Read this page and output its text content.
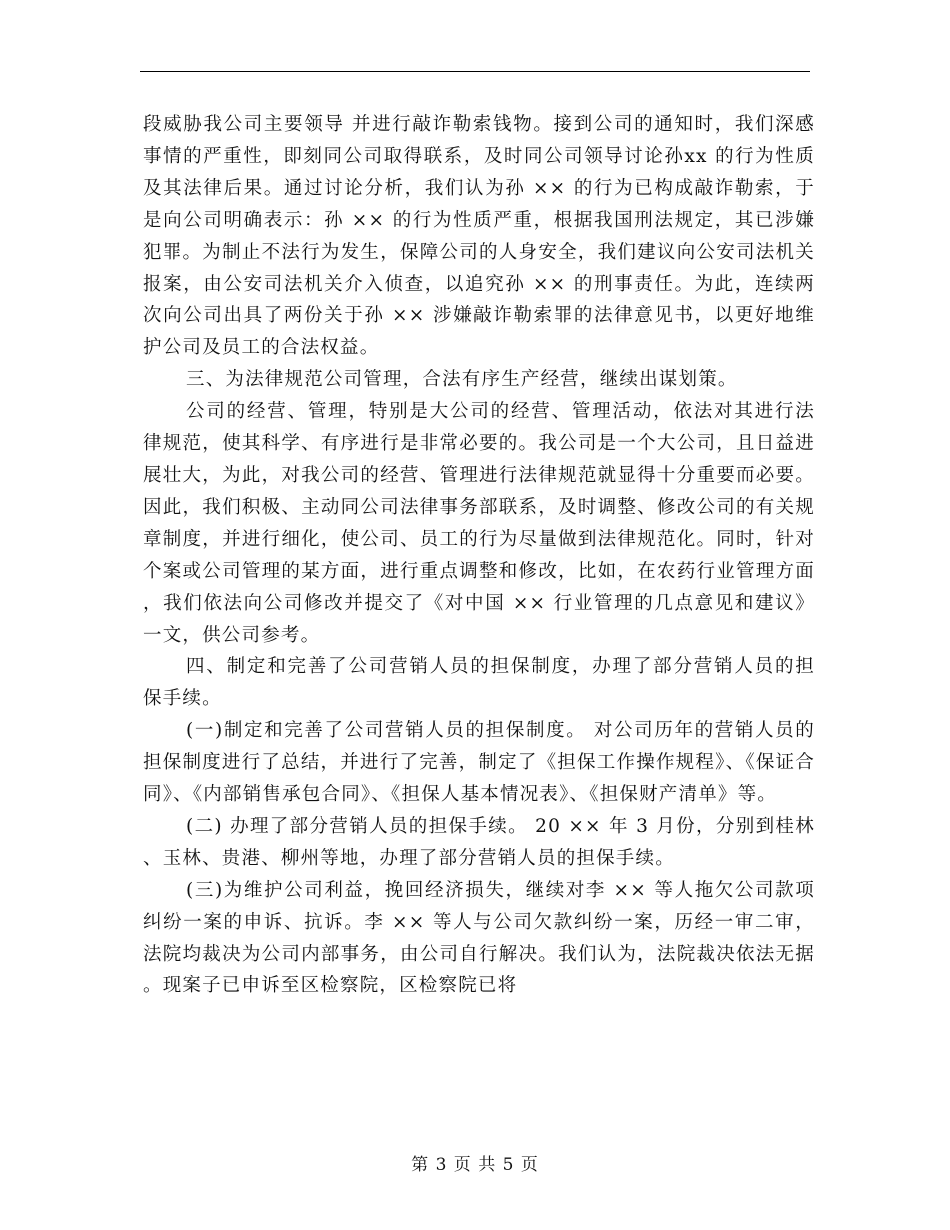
段威胁我公司主要领导 并进行敲诈勒索钱物。接到公司的通知时，我们深感事情的严重性，即刻同公司取得联系，及时同公司领导讨论孙xx 的行为性质及其法律后果。通过讨论分析，我们认为孙 ×× 的行为已构成敲诈勒索，于是向公司明确表示：孙 ×× 的行为性质严重，根据我国刑法规定，其已涉嫌犯罪。为制止不法行为发生，保障公司的人身安全，我们建议向公安司法机关报案，由公安司法机关介入侦查，以追究孙 ×× 的刑事责任。为此，连续两次向公司出具了两份关于孙 ×× 涉嫌敲诈勒索罪的法律意见书，以更好地维护公司及员工的合法权益。

三、为法律规范公司管理，合法有序生产经营，继续出谋划策。

公司的经营、管理，特别是大公司的经营、管理活动，依法对其进行法律规范，使其科学、有序进行是非常必要的。我公司是一个大公司，且日益进展壮大，为此，对我公司的经营、管理进行法律规范就显得十分重要而必要。因此，我们积极、主动同公司法律事务部联系，及时调整、修改公司的有关规章制度，并进行细化，使公司、员工的行为尽量做到法律规范化。同时，针对个案或公司管理的某方面，进行重点调整和修改，比如，在农药行业管理方面，我们依法向公司修改并提交了《对中国 ×× 行业管理的几点意见和建议》一文，供公司参考。

四、制定和完善了公司营销人员的担保制度，办理了部分营销人员的担保手续。

(一)制定和完善了公司营销人员的担保制度。 对公司历年的营销人员的担保制度进行了总结，并进行了完善，制定了《担保工作操作规程》、《保证合同》、《内部销售承包合同》、《担保人基本情况表》、《担保财产清单》等。

(二) 办理了部分营销人员的担保手续。 20 ×× 年 3 月份，分别到桂林、玉林、贵港、柳州等地，办理了部分营销人员的担保手续。

(三)为维护公司利益，挽回经济损失，继续对李 ×× 等人拖欠公司款项纠纷一案的申诉、抗诉。李 ×× 等人与公司欠款纠纷一案，历经一审二审，法院均裁决为公司内部事务，由公司自行解决。我们认为，法院裁决依法无据。现案子已申诉至区检察院，区检察院已将

第 3 页 共 5 页
